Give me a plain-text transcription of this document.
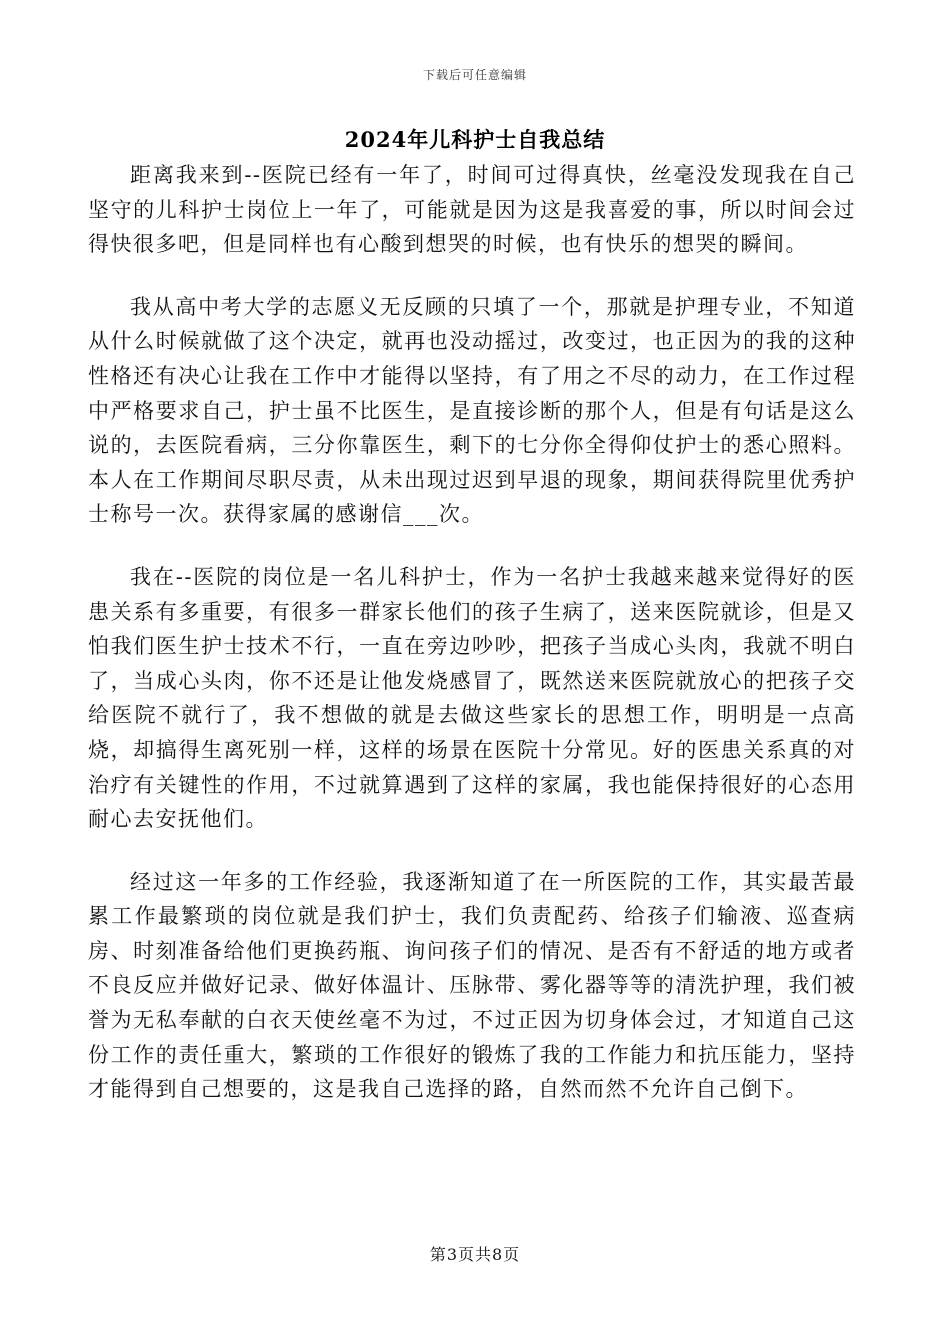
下载后可任意编辑
2024年儿科护士自我总结

距离我来到--医院已经有一年了，时间可过得真快，丝毫没发现我在自己坚守的儿科护士岗位上一年了，可能就是因为这是我喜爱的事，所以时间会过得快很多吧，但是同样也有心酸到想哭的时候，也有快乐的想哭的瞬间。

我从高中考大学的志愿义无反顾的只填了一个，那就是护理专业，不知道从什么时候就做了这个决定，就再也没动摇过，改变过，也正因为的我的这种性格还有决心让我在工作中才能得以坚持，有了用之不尽的动力，在工作过程中严格要求自己，护士虽不比医生，是直接诊断的那个人，但是有句话是这么说的，去医院看病，三分你靠医生，剩下的七分你全得仰仗护士的悉心照料。本人在工作期间尽职尽责，从未出现过迟到早退的现象，期间获得院里优秀护士称号一次。获得家属的感谢信___次。

我在--医院的岗位是一名儿科护士，作为一名护士我越来越来觉得好的医患关系有多重要，有很多一群家长他们的孩子生病了，送来医院就诊，但是又怕我们医生护士技术不行，一直在旁边吵吵，把孩子当成心头肉，我就不明白了，当成心头肉，你不还是让他发烧感冒了，既然送来医院就放心的把孩子交给医院不就行了，我不想做的就是去做这些家长的思想工作，明明是一点高烧，却搞得生离死别一样，这样的场景在医院十分常见。好的医患关系真的对治疗有关键性的作用，不过就算遇到了这样的家属，我也能保持很好的心态用耐心去安抚他们。

经过这一年多的工作经验，我逐渐知道了在一所医院的工作，其实最苦最累工作最繁琐的岗位就是我们护士，我们负责配药、给孩子们输液、巡查病房、时刻准备给他们更换药瓶、询问孩子们的情况、是否有不舒适的地方或者不良反应并做好记录、做好体温计、压脉带、雾化器等等的清洗护理，我们被誉为无私奉献的白衣天使丝毫不为过，不过正因为切身体会过，才知道自己这份工作的责任重大，繁琐的工作很好的锻炼了我的工作能力和抗压能力，坚持才能得到自己想要的，这是我自己选择的路，自然而然不允许自己倒下。

第3页共8页
